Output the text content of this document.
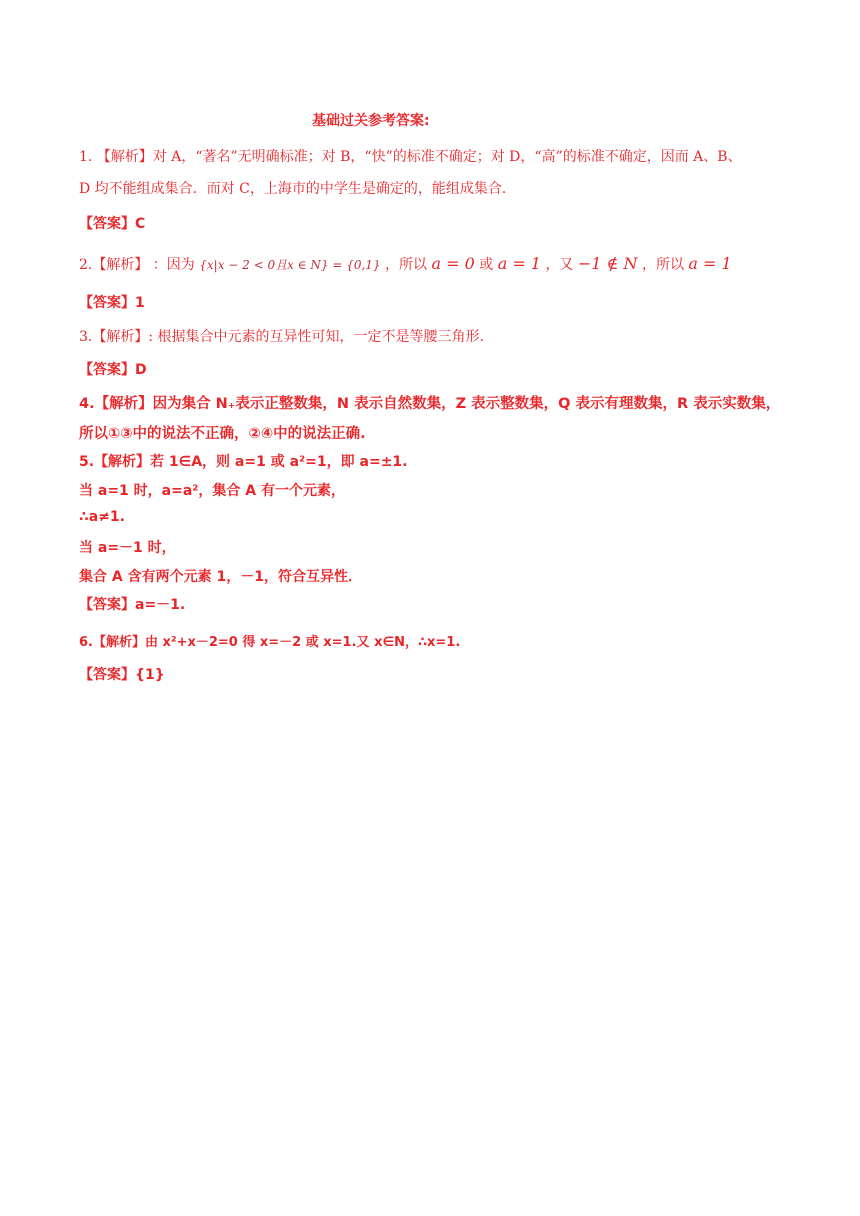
基础过关参考答案:
1. 【解析】对 A，“著名”无明确标准；对 B，“快”的标准不确定；对 D，“高”的标准不确定，因而 A、B、
D 均不能组成集合．而对 C，上海市的中学生是确定的，能组成集合．
【答案】C
2.【解析】 ：因为 {x|x − 2 < 0且x ∈ N} = {0,1} ，所以 a = 0 或 a = 1 ，又 −1 ∉ N ，所以 a = 1
【答案】1
3.【解析】: 根据集合中元素的互异性可知，一定不是等腰三角形.
【答案】D
4.【解析】因为集合 N₊表示正整数集，N 表示自然数集，Z 表示整数集，Q 表示有理数集，R 表示实数集，
所以①③中的说法不正确，②④中的说法正确.
5.【解析】若 1∈A，则 a=1 或 a²=1，即 a=±1.
当 a=1 时，a=a²，集合 A 有一个元素，
∴a≠1.
当 a=－1 时，
集合 A 含有两个元素 1，－1，符合互异性．
【答案】a=－1.
6.【解析】由 x²+x－2=0 得 x=－2 或 x=1.又 x∈N，∴x=1.
【答案】{1}
